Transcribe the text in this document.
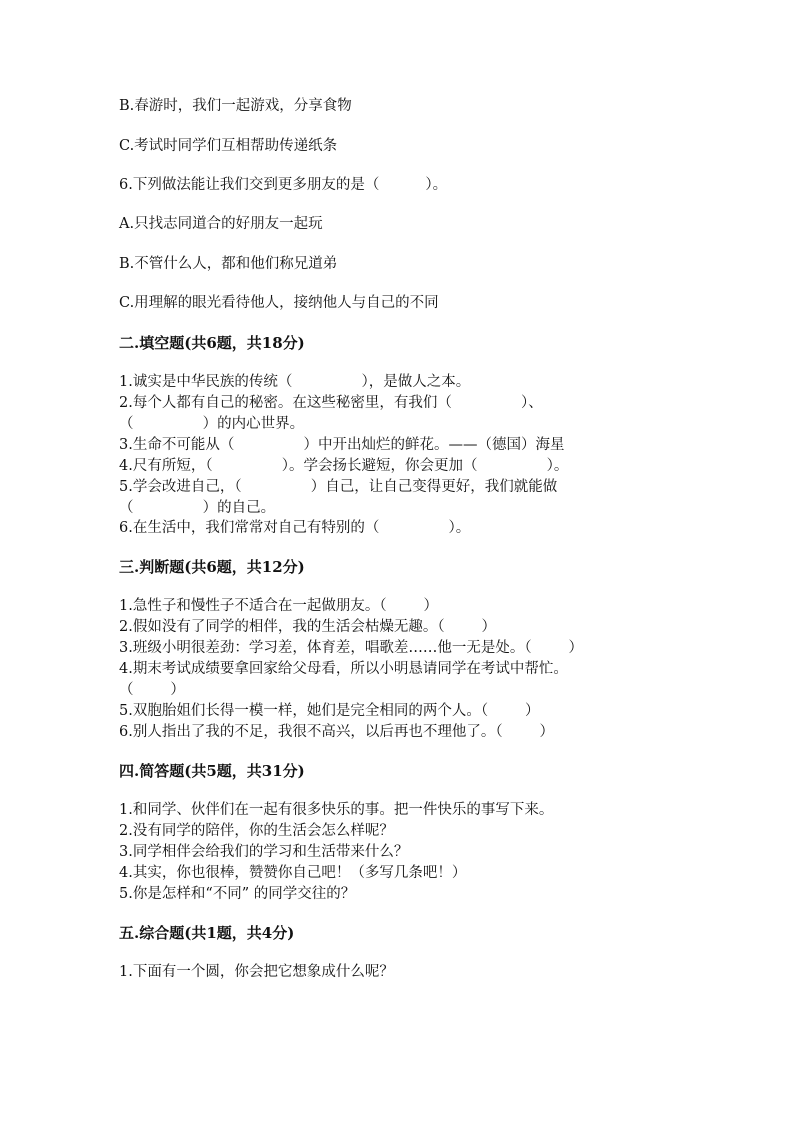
B.春游时，我们一起游戏，分享食物
C.考试时同学们互相帮助传递纸条
6.下列做法能让我们交到更多朋友的是（          ）。
A.只找志同道合的好朋友一起玩
B.不管什么人，都和他们称兄道弟
C.用理解的眼光看待他人，接纳他人与自己的不同
二.填空题(共6题，共18分)
1.诚实是中华民族的传统（               ），是做人之本。
2.每个人都有自己的秘密。在这些秘密里，有我们（               ）、
（               ）的内心世界。
3.生命不可能从（               ）中开出灿烂的鲜花。——（德国）海星
4.尺有所短，（               ）。学会扬长避短，你会更加（               ）。
5.学会改进自己，（               ）自己，让自己变得更好，我们就能做
（               ）的自己。
6.在生活中，我们常常对自己有特别的（               ）。
三.判断题(共6题，共12分)
1.急性子和慢性子不适合在一起做朋友。（        ）
2.假如没有了同学的相伴，我的生活会枯燥无趣。（        ）
3.班级小明很差劲：学习差，体育差，唱歌差……他一无是处。（        ）
4.期末考试成绩要拿回家给父母看，所以小明恳请同学在考试中帮忙。
（        ）
5.双胞胎姐们长得一模一样，她们是完全相同的两个人。（        ）
6.别人指出了我的不足，我很不高兴，以后再也不理他了。（        ）
四.简答题(共5题，共31分)
1.和同学、伙伴们在一起有很多快乐的事。把一件快乐的事写下来。
2.没有同学的陪伴，你的生活会怎么样呢？
3.同学相伴会给我们的学习和生活带来什么？
4.其实，你也很棒，赞赞你自己吧！（多写几条吧！）
5.你是怎样和“不同” 的同学交往的？
五.综合题(共1题，共4分)
1.下面有一个圆，你会把它想象成什么呢？
